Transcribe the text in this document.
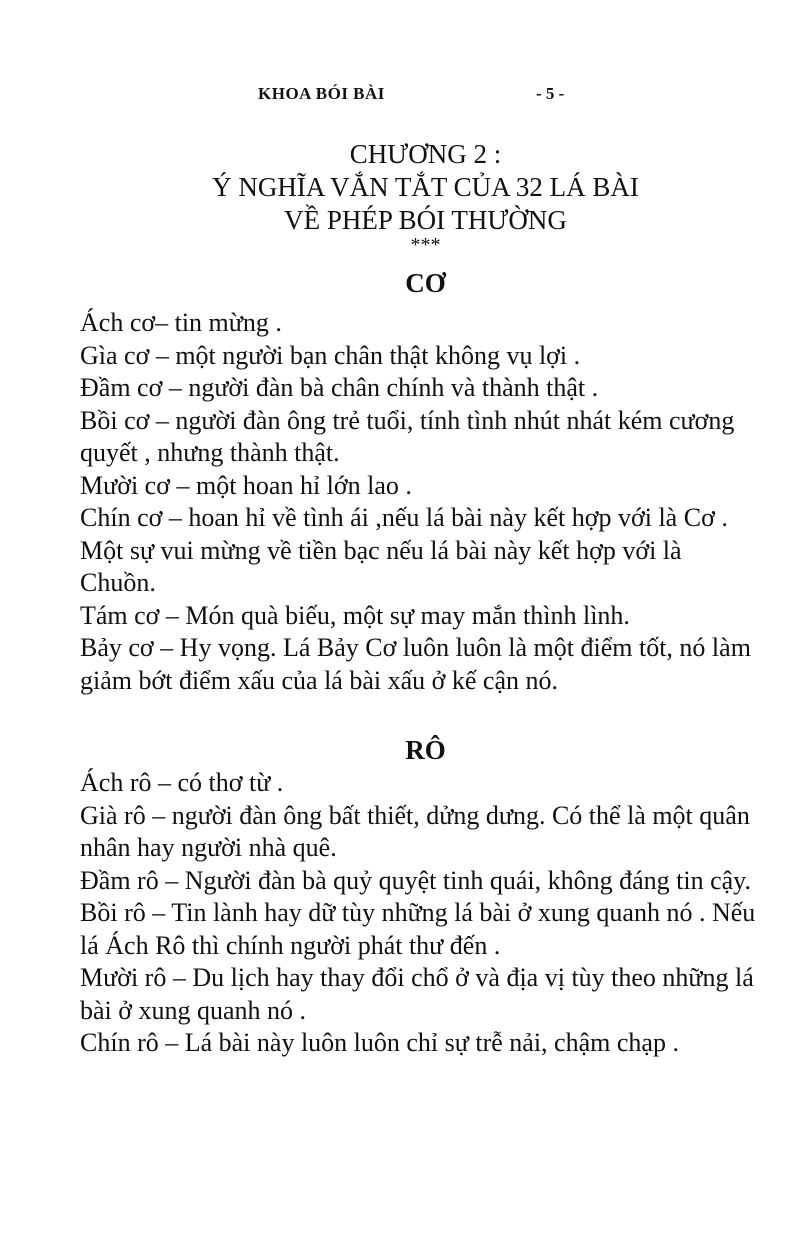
KHOA BÓI BÀI	- 5 -
CHƯƠNG 2 :
Ý NGHĨA VẮN TẮT CỦA 32 LÁ BÀI
VỀ PHÉP BÓI THƯỜNG
***
CƠ
Ách cơ– tin mừng .
Gìa cơ – một người bạn chân thật không vụ lợi .
Đầm cơ – người đàn bà chân chính và thành thật .
Bồi cơ – người đàn ông trẻ tuổi, tính tình nhút nhát kém cương quyết , nhưng thành thật.
Mười cơ – một hoan hỉ lớn lao .
Chín cơ – hoan hỉ về tình ái ,nếu lá bài này kết hợp với là Cơ . Một sự vui mừng về tiền bạc nếu lá bài này kết hợp với là Chuồn.
Tám cơ – Món quà biếu, một sự may mắn thình lình.
Bảy cơ – Hy vọng. Lá Bảy Cơ luôn luôn là một điểm tốt, nó làm giảm bớt điểm xấu của lá bài xấu ở kế cận nó.
RÔ
Ách rô – có thơ từ .
Già rô – người đàn ông bất thiết, dửng dưng. Có thể là một quân nhân hay người nhà quê.
Đầm rô – Người đàn bà quỷ quyệt tinh quái, không đáng tin cậy.
Bồi rô – Tin lành hay dữ tùy những lá bài ở xung quanh nó . Nếu lá Ách Rô thì chính người phát thư đến .
Mười rô – Du lịch hay thay đổi chổ ở và địa vị tùy theo những lá bài ở xung quanh nó .
Chín rô – Lá bài này luôn luôn chỉ sự trễ nải, chậm chạp .
